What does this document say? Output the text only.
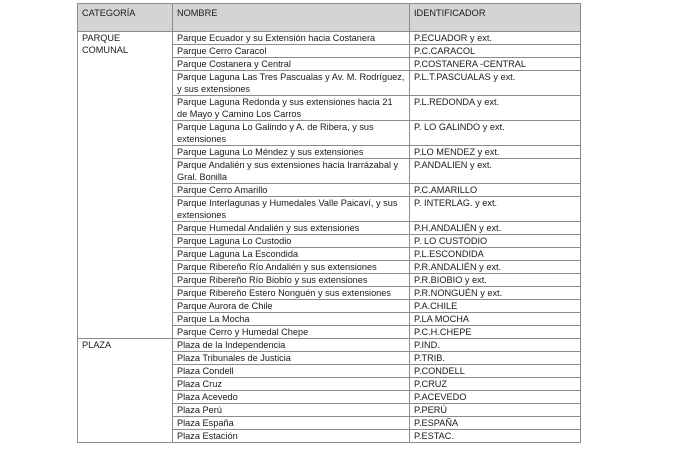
CATEGORÍA	NOMBRE	IDENTIFICADOR
PARQUE COMUNAL	Parque Ecuador y su Extensión hacia Costanera	P.ECUADOR y ext.
	Parque Cerro Caracol	P.C.CARACOL
	Parque Costanera y Central	P.COSTANERA -CENTRAL
	Parque Laguna Las Tres Pascualas y Av. M. Rodríguez, y sus extensiones	P.L.T.PASCUALAS y ext.
	Parque Laguna Redonda y sus extensiones hacia 21 de Mayo y Camino Los Carros	P.L.REDONDA y ext.
	Parque Laguna Lo Galindo y A. de Ribera, y sus extensiones	P. LO GALINDO y ext.
	Parque Laguna Lo Méndez y sus extensiones	P.LO MENDEZ y ext.
	Parque Andalién y sus extensiones hacia Irarrázabal y Gral. Bonilla	P.ANDALIEN y ext.
	Parque Cerro Amarillo	P.C.AMARILLO
	Parque Interlagunas y Humedales Valle Paicaví, y sus extensiones	P. INTERLAG. y ext.
	Parque Humedal Andalién y sus extensiones	P.H.ANDALIÉN y ext.
	Parque Laguna Lo Custodio	P. LO CUSTODIO
	Parque Laguna La Escondida	P.L.ESCONDIDA
	Parque Ribereño Río Andalién y sus extensiones	P.R.ANDALIÉN y ext.
	Parque Ribereño Río Biobío y sus extensiones	P.R.BIOBIO y ext.
	Parque Ribereño Estero Nonguén y sus extensiones	P.R.NONGUÉN y ext.
	Parque Aurora de Chile	P.A.CHILE
	Parque La Mocha	P.LA MOCHA
	Parque Cerro y Humedal Chepe	P.C.H.CHEPE
PLAZA	Plaza de la Independencia	P.IND.
	Plaza Tribunales de Justicia	P.TRIB.
	Plaza Condell	P.CONDELL
	Plaza Cruz	P.CRUZ
	Plaza Acevedo	P.ACEVEDO
	Plaza Perú	P.PERÚ
	Plaza España	P.ESPAÑA
	Plaza Estación	P.ESTAC.
